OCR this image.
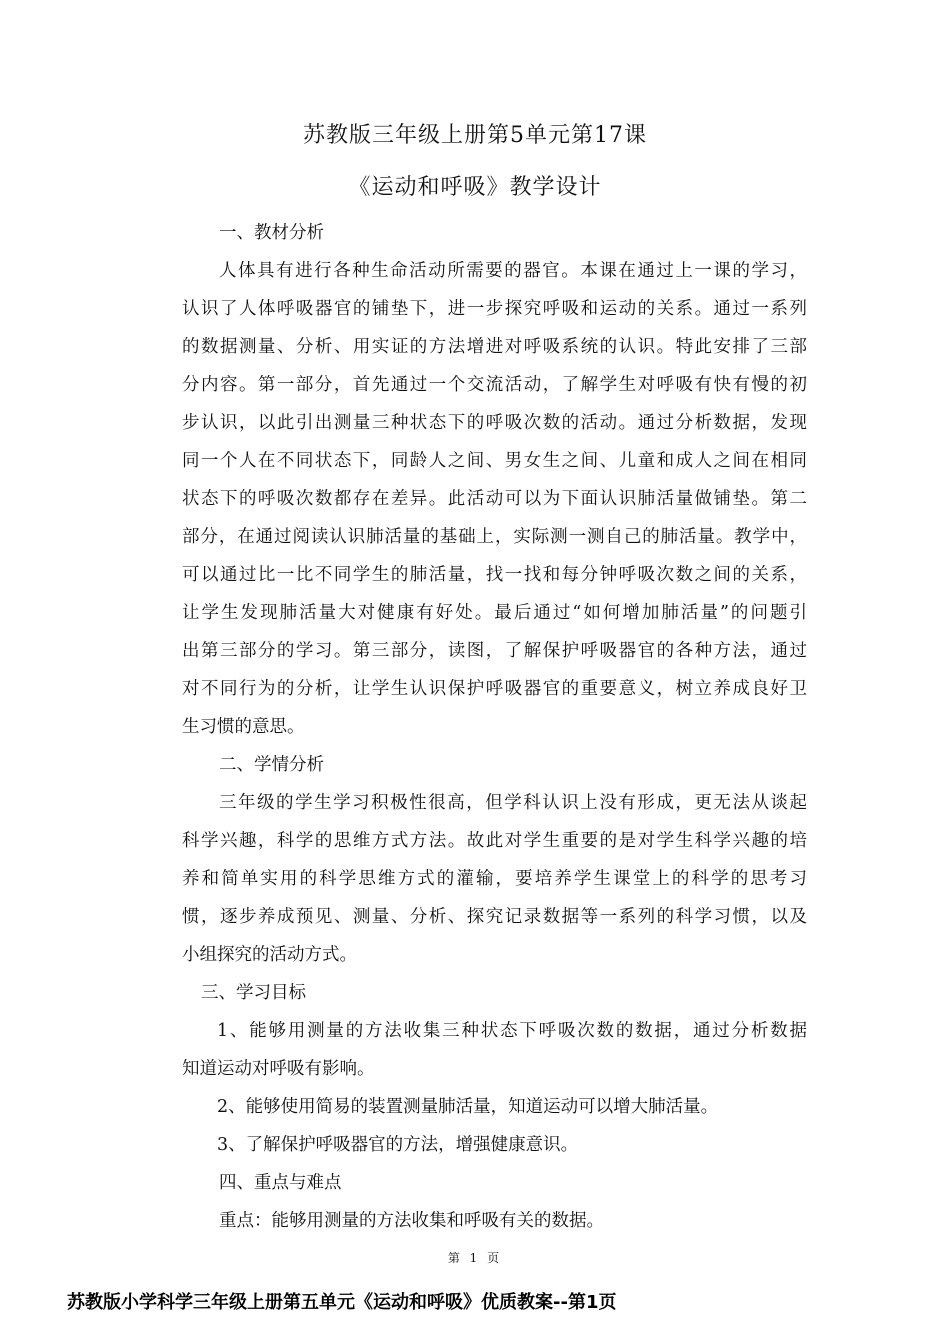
苏教版三年级上册第5单元第17课
《运动和呼吸》教学设计
一、教材分析
人体具有进行各种生命活动所需要的器官。本课在通过上一课的学习，
认识了人体呼吸器官的铺垫下，进一步探究呼吸和运动的关系。通过一系列
的数据测量、分析、用实证的方法增进对呼吸系统的认识。特此安排了三部
分内容。第一部分，首先通过一个交流活动，了解学生对呼吸有快有慢的初
步认识，以此引出测量三种状态下的呼吸次数的活动。通过分析数据，发现
同一个人在不同状态下，同龄人之间、男女生之间、儿童和成人之间在相同
状态下的呼吸次数都存在差异。此活动可以为下面认识肺活量做铺垫。第二
部分，在通过阅读认识肺活量的基础上，实际测一测自己的肺活量。教学中，
可以通过比一比不同学生的肺活量，找一找和每分钟呼吸次数之间的关系，
让学生发现肺活量大对健康有好处。最后通过“如何增加肺活量”的问题引
出第三部分的学习。第三部分，读图，了解保护呼吸器官的各种方法，通过
对不同行为的分析，让学生认识保护呼吸器官的重要意义，树立养成良好卫
生习惯的意思。
二、学情分析
三年级的学生学习积极性很高，但学科认识上没有形成，更无法从谈起
科学兴趣，科学的思维方式方法。故此对学生重要的是对学生科学兴趣的培
养和简单实用的科学思维方式的灌输，要培养学生课堂上的科学的思考习
惯，逐步养成预见、测量、分析、探究记录数据等一系列的科学习惯，以及
小组探究的活动方式。
三、学习目标
1、能够用测量的方法收集三种状态下呼吸次数的数据，通过分析数据
知道运动对呼吸有影响。
2、能够使用简易的装置测量肺活量，知道运动可以增大肺活量。
3、了解保护呼吸器官的方法，增强健康意识。
四、重点与难点
重点：能够用测量的方法收集和呼吸有关的数据。
第 1 页
苏教版小学科学三年级上册第五单元《运动和呼吸》优质教案--第1页
